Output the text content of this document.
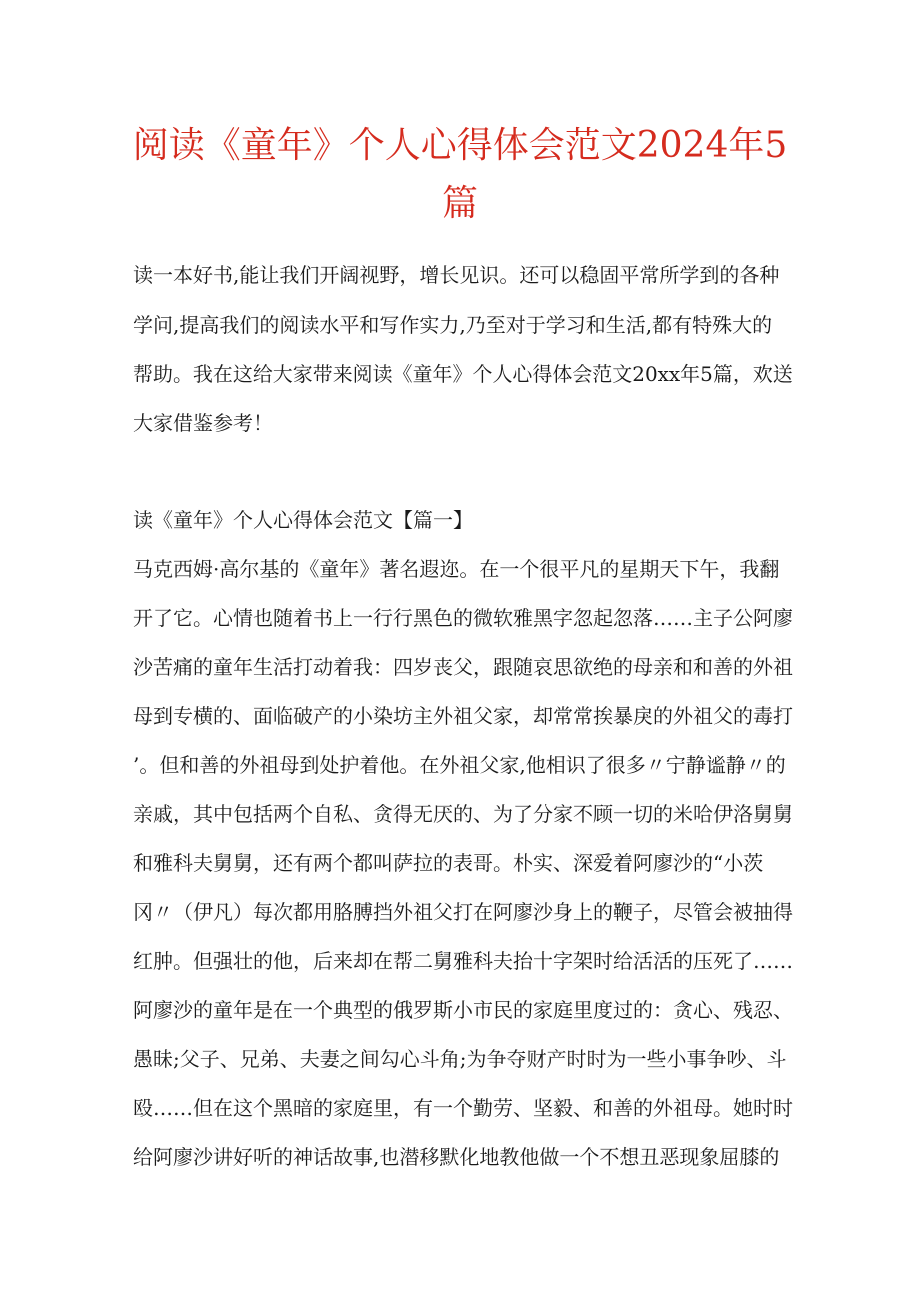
阅读《童年》个人心得体会范文2024年5
篇
读一本好书,能让我们开阔视野，增长见识。还可以稳固平常所学到的各种
学问,提高我们的阅读水平和写作实力,乃至对于学习和生活,都有特殊大的
帮助。我在这给大家带来阅读《童年》个人心得体会范文20xx年5篇，欢送
大家借鉴参考！
读《童年》个人心得体会范文【篇一】
马克西姆·高尔基的《童年》著名遐迩。在一个很平凡的星期天下午，我翻
开了它。心情也随着书上一行行黑色的微软雅黑字忽起忽落……主子公阿廖
沙苦痛的童年生活打动着我：四岁丧父，跟随哀思欲绝的母亲和和善的外祖
母到专横的、面临破产的小染坊主外祖父家，却常常挨暴戾的外祖父的毒打
’。但和善的外祖母到处护着他。在外祖父家,他相识了很多〃宁静谧静〃的
亲戚，其中包括两个自私、贪得无厌的、为了分家不顾一切的米哈伊洛舅舅
和雅科夫舅舅，还有两个都叫萨拉的表哥。朴实、深爱着阿廖沙的“小茨
冈〃（伊凡）每次都用胳膊挡外祖父打在阿廖沙身上的鞭子，尽管会被抽得
红肿。但强壮的他，后来却在帮二舅雅科夫抬十字架时给活活的压死了……
阿廖沙的童年是在一个典型的俄罗斯小市民的家庭里度过的：贪心、残忍、
愚昧;父子、兄弟、夫妻之间勾心斗角;为争夺财产时时为一些小事争吵、斗
殴……但在这个黑暗的家庭里，有一个勤劳、坚毅、和善的外祖母。她时时
给阿廖沙讲好听的神话故事,也潜移默化地教他做一个不想丑恶现象屈膝的
